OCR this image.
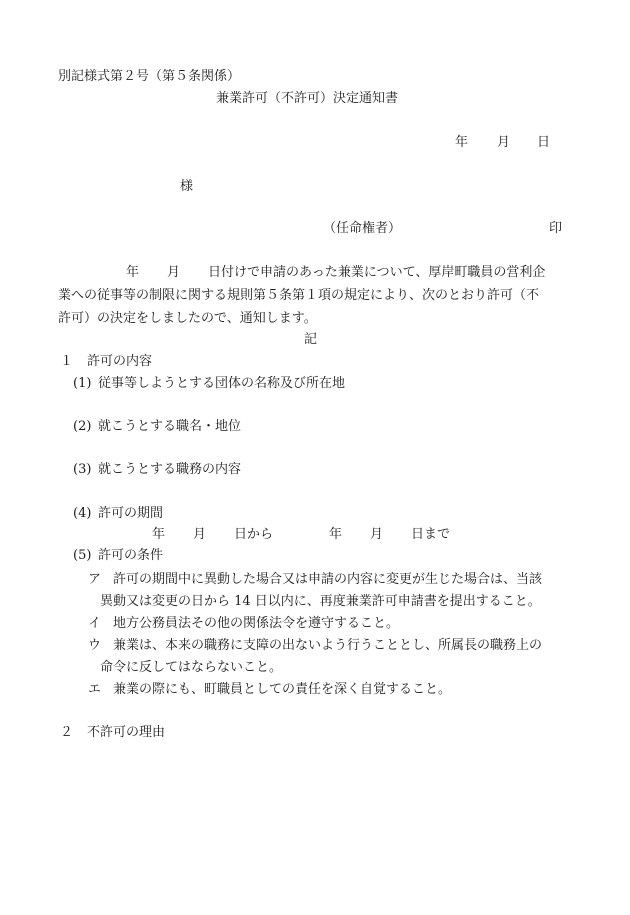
別記様式第２号（第５条関係）
兼業許可（不許可）決定通知書
年 月 日
様
（任命権者）	印
年 月 日付けで申請のあった兼業について、厚岸町職員の営利企
業への従事等の制限に関する規則第５条第１項の規定により、次のとおり許可（不
許可）の決定をしましたので、通知します。
記
１ 許可の内容
(1) 従事等しようとする団体の名称及び所在地
(2) 就こうとする職名・地位
(3) 就こうとする職務の内容
(4) 許可の期間
年 月 日から	年 月 日まで
(5) 許可の条件
ア 許可の期間中に異動した場合又は申請の内容に変更が生じた場合は、当該
異動又は変更の日から 14 日以内に、再度兼業許可申請書を提出すること。
イ 地方公務員法その他の関係法令を遵守すること。
ウ 兼業は、本来の職務に支障の出ないよう行うこととし、所属長の職務上の
命令に反してはならないこと。
エ 兼業の際にも、町職員としての責任を深く自覚すること。
２ 不許可の理由
